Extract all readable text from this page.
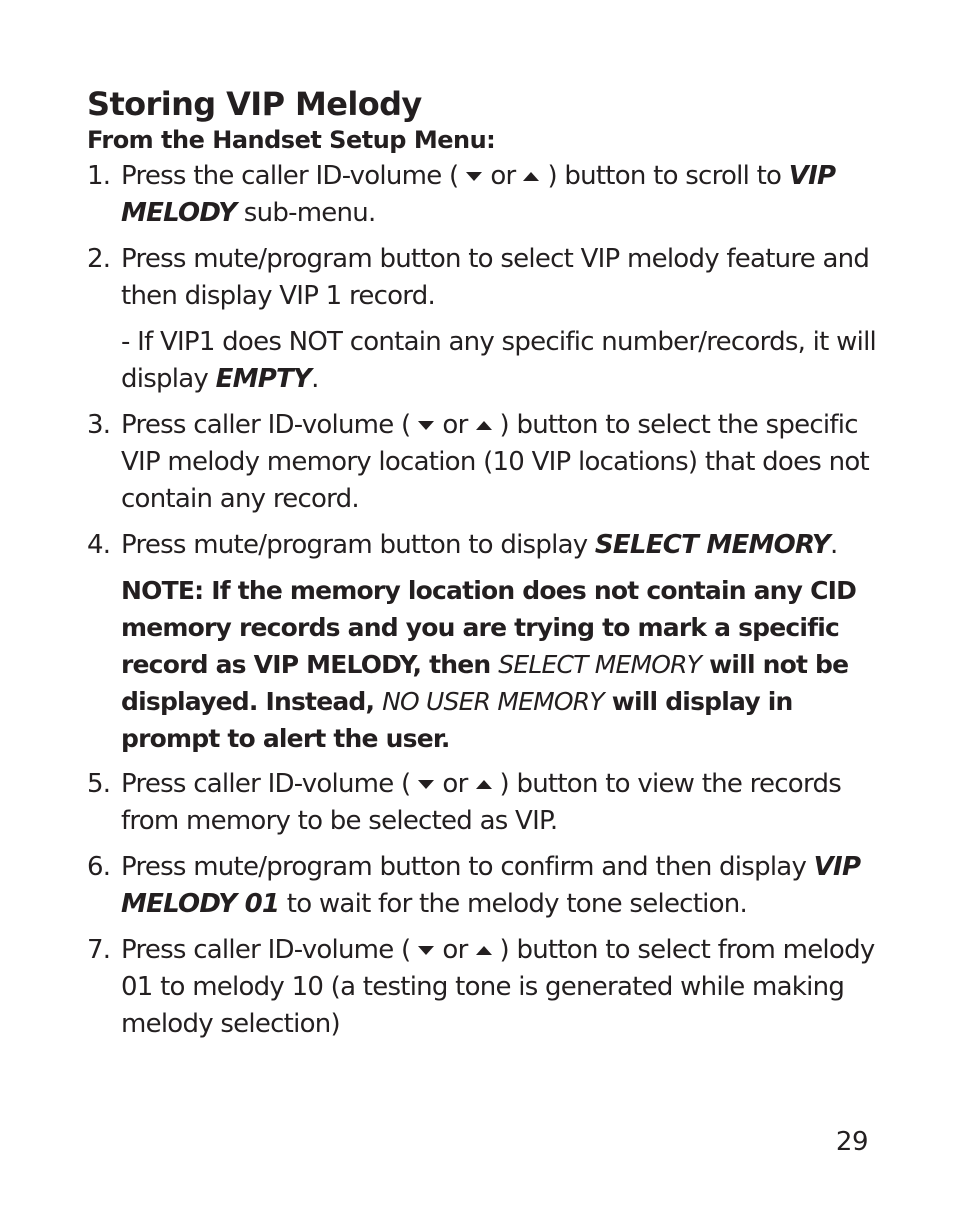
Storing VIP Melody
From the Handset Setup Menu:
1. Press the caller ID-volume ( or ) button to scroll to VIP MELODY sub-menu.
2. Press mute/program button to select VIP melody feature and then display VIP 1 record.
- If VIP1 does NOT contain any specific number/records, it will display EMPTY.
3. Press caller ID-volume ( or ) button to select the specific VIP melody memory location (10 VIP locations) that does not contain any record.
4. Press mute/program button to display SELECT MEMORY.
NOTE: If the memory location does not contain any CID memory records and you are trying to mark a specific record as VIP MELODY, then SELECT MEMORY will not be displayed. Instead, NO USER MEMORY will display in prompt to alert the user.
5. Press caller ID-volume ( or ) button to view the records from memory to be selected as VIP.
6. Press mute/program button to confirm and then display VIP MELODY 01 to wait for the melody tone selection.
7. Press caller ID-volume ( or ) button to select from melody 01 to melody 10 (a testing tone is generated while making melody selection)
29
